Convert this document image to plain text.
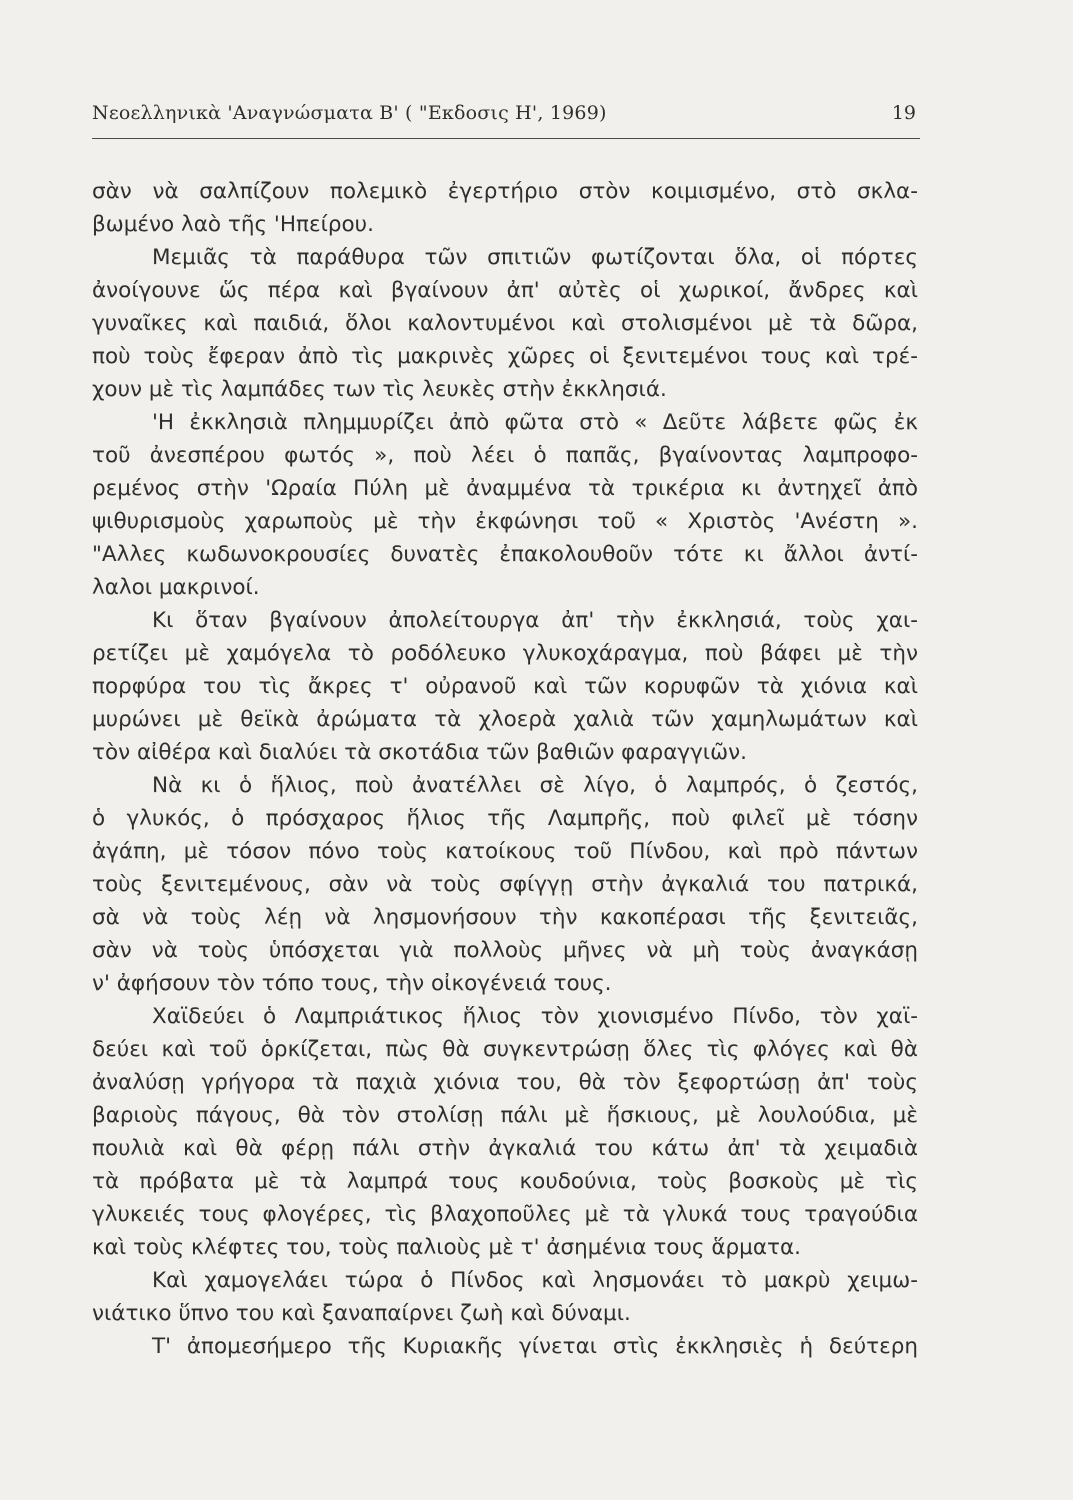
Νεοελληνικὰ 'Αναγνώσματα Β' ( "Εκδοσις Η', 1969)	19
σὰν νὰ σαλπίζουν πολεμικὸ ἐγερτήριο στὸν κοιμισμένο, στὸ σκλα-
βωμένο λαὸ τῆς 'Ηπείρου.
Μεμιᾶς τὰ παράθυρα τῶν σπιτιῶν φωτίζονται ὅλα, οἱ πόρτες
ἀνοίγουνε ὥς πέρα καὶ βγαίνουν ἀπ' αὐτὲς οἱ χωρικοί, ἄνδρες καὶ
γυναῖκες καὶ παιδιά, ὅλοι καλοντυμένοι καὶ στολισμένοι μὲ τὰ δῶρα,
ποὺ τοὺς ἔφεραν ἀπὸ τὶς μακρινὲς χῶρες οἱ ξενιτεμένοι τους καὶ τρέ-
χουν μὲ τὶς λαμπάδες των τὶς λευκὲς στὴν ἐκκλησιά.
'Η ἐκκλησιὰ πλημμυρίζει ἀπὸ φῶτα στὸ « Δεῦτε λάβετε φῶς ἐκ
τοῦ ἀνεσπέρου φωτός », ποὺ λέει ὁ παπᾶς, βγαίνοντας λαμπροφο-
ρεμένος στὴν 'Ωραία Πύλη μὲ ἀναμμένα τὰ τρικέρια κι ἀντηχεῖ ἀπὸ
ψιθυρισμοὺς χαρωποὺς μὲ τὴν ἐκφώνησι τοῦ « Χριστὸς 'Ανέστη ».
"Αλλες κωδωνοκρουσίες δυνατὲς ἐπακολουθοῦν τότε κι ἄλλοι ἀντί-
λαλοι μακρινοί.
Κι ὅταν βγαίνουν ἀπολείτουργα ἀπ' τὴν ἐκκλησιά, τοὺς χαι-
ρετίζει μὲ χαμόγελα τὸ ροδόλευκο γλυκοχάραγμα, ποὺ βάφει μὲ τὴν
πορφύρα του τὶς ἄκρες τ' οὐρανοῦ καὶ τῶν κορυφῶν τὰ χιόνια καὶ
μυρώνει μὲ θεϊκὰ ἀρώματα τὰ χλοερὰ χαλιὰ τῶν χαμηλωμάτων καὶ
τὸν αἰθέρα καὶ διαλύει τὰ σκοτάδια τῶν βαθιῶν φαραγγιῶν.
Νὰ κι ὁ ἥλιος, ποὺ ἀνατέλλει σὲ λίγο, ὁ λαμπρός, ὁ ζεστός,
ὁ γλυκός, ὁ πρόσχαρος ἥλιος τῆς Λαμπρῆς, ποὺ φιλεῖ μὲ τόσην
ἀγάπη, μὲ τόσον πόνο τοὺς κατοίκους τοῦ Πίνδου, καὶ πρὸ πάντων
τοὺς ξενιτεμένους, σὰν νὰ τοὺς σφίγγῃ στὴν ἀγκαλιά του πατρικά,
σὰ νὰ τοὺς λέῃ νὰ λησμονήσουν τὴν κακοπέρασι τῆς ξενιτειᾶς,
σὰν νὰ τοὺς ὑπόσχεται γιὰ πολλοὺς μῆνες νὰ μὴ τοὺς ἀναγκάσῃ
ν' ἀφήσουν τὸν τόπο τους, τὴν οἰκογένειά τους.
Χαϊδεύει ὁ Λαμπριάτικος ἥλιος τὸν χιονισμένο Πίνδο, τὸν χαϊ-
δεύει καὶ τοῦ ὁρκίζεται, πὼς θὰ συγκεντρώσῃ ὅλες τὶς φλόγες καὶ θὰ
ἀναλύσῃ γρήγορα τὰ παχιὰ χιόνια του, θὰ τὸν ξεφορτώσῃ ἀπ' τοὺς
βαριοὺς πάγους, θὰ τὸν στολίσῃ πάλι μὲ ἥσκιους, μὲ λουλούδια, μὲ
πουλιὰ καὶ θὰ φέρῃ πάλι στὴν ἀγκαλιά του κάτω ἀπ' τὰ χειμαδιὰ
τὰ πρόβατα μὲ τὰ λαμπρά τους κουδούνια, τοὺς βοσκοὺς μὲ τὶς
γλυκειές τους φλογέρες, τὶς βλαχοποῦλες μὲ τὰ γλυκά τους τραγούδια
καὶ τοὺς κλέφτες του, τοὺς παλιοὺς μὲ τ' ἀσημένια τους ἅρματα.
Καὶ χαμογελάει τώρα ὁ Πίνδος καὶ λησμονάει τὸ μακρὺ χειμω-
νιάτικο ὕπνο του καὶ ξαναπαίρνει ζωὴ καὶ δύναμι.
Τ' ἀπομεσήμερο τῆς Κυριακῆς γίνεται στὶς ἐκκλησιὲς ἡ δεύτερη
